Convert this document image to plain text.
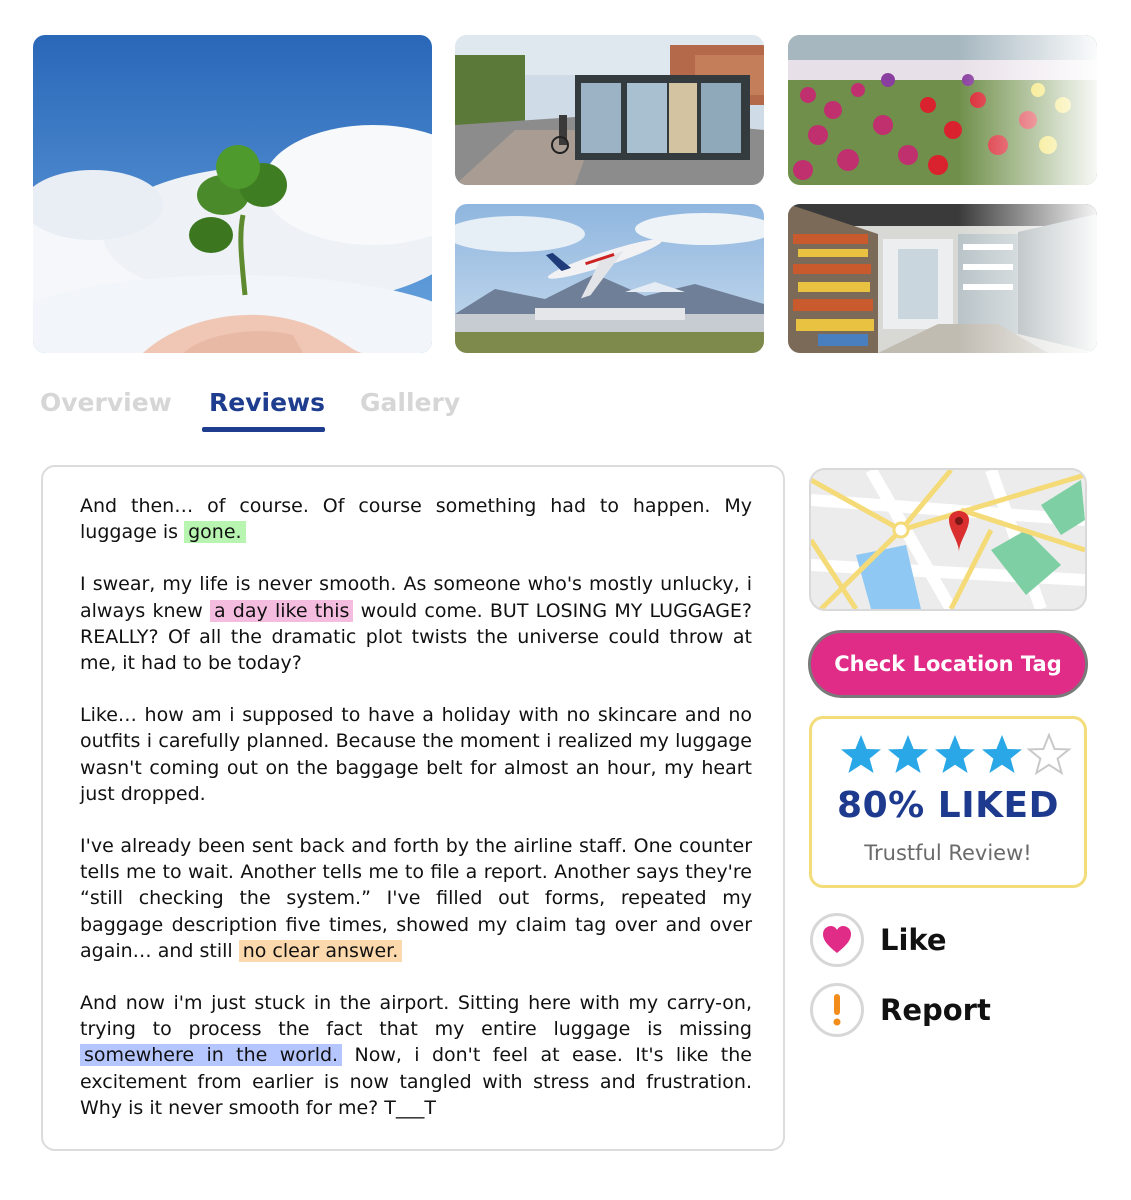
Overview Reviews Gallery

And then… of course. Of course something had to happen. My luggage is gone.

I swear, my life is never smooth. As someone who's mostly unlucky, i always knew a day like this would come. BUT LOSING MY LUGGAGE? REALLY? Of all the dramatic plot twists the universe could throw at me, it had to be today?

Like… how am i supposed to have a holiday with no skincare and no outfits i carefully planned. Because the moment i realized my luggage wasn't coming out on the baggage belt for almost an hour, my heart just dropped.

I've already been sent back and forth by the airline staff. One counter tells me to wait. Another tells me to file a report. Another says they're “still checking the system.” I've filled out forms, repeated my baggage description five times, showed my claim tag over and over again… and still no clear answer.

And now i'm just stuck in the airport. Sitting here with my carry-on, trying to process the fact that my entire luggage is missing somewhere in the world. Now, i don't feel at ease. It's like the excitement from earlier is now tangled with stress and frustration. Why is it never smooth for me? T___T

Check Location Tag
80% LIKED
Trustful Review!
Like
Report
